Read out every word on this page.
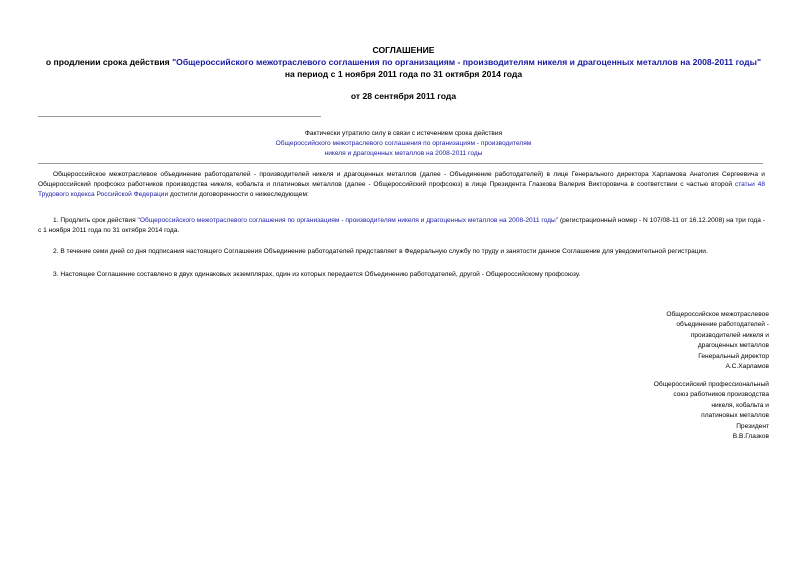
СОГЛАШЕНИЕ
о продлении срока действия "Общероссийского межотраслевого соглашения по организациям - производителям никеля и драгоценных металлов на 2008-2011 годы" на период с 1 ноября 2011 года по 31 октября 2014 года
от 28 сентября 2011 года
Фактически утратило силу в связи с истечением срока действия
Общероссийского межотраслевого соглашения по организациям - производителям
никеля и драгоценных металлов на 2008-2011 годы

Общероссийское межотраслевое объединение работодателей - производителей никеля и драгоценных металлов (далее - Объединение работодателей) в лице Генерального директора Харламова Анатолия Сергеевича и Общероссийский профсоюз работников производства никеля, кобальта и платиновых металлов (далее - Общероссийский профсоюз) в лице Президента Глазкова Валерия Викторовича в соответствии с частью второй статьи 48 Трудового кодекса Российской Федерации достигли договоренности о нижеследующем:

1. Продлить срок действия "Общероссийского межотраслевого соглашения по организациям - производителям никеля и драгоценных металлов на 2008-2011 годы" (регистрационный номер - N 107/08-11 от 16.12.2008) на три года - с 1 ноября 2011 года по 31 октября 2014 года.

2. В течение семи дней со дня подписания настоящего Соглашения Объединение работодателей представляет в Федеральную службу по труду и занятости данное Соглашение для уведомительной регистрации.

3. Настоящее Соглашение составлено в двух одинаковых экземплярах, один из которых передается Объединению работодателей, другой - Общероссийскому профсоюзу.

Общероссийское межотраслевое
объединение работодателей -
производителей никеля и
драгоценных металлов
Генеральный директор
А.С.Харламов
Общероссийский профессиональный
союз работников производства
никеля, кобальта и
платиновых металлов
Президент
В.В.Глазков
